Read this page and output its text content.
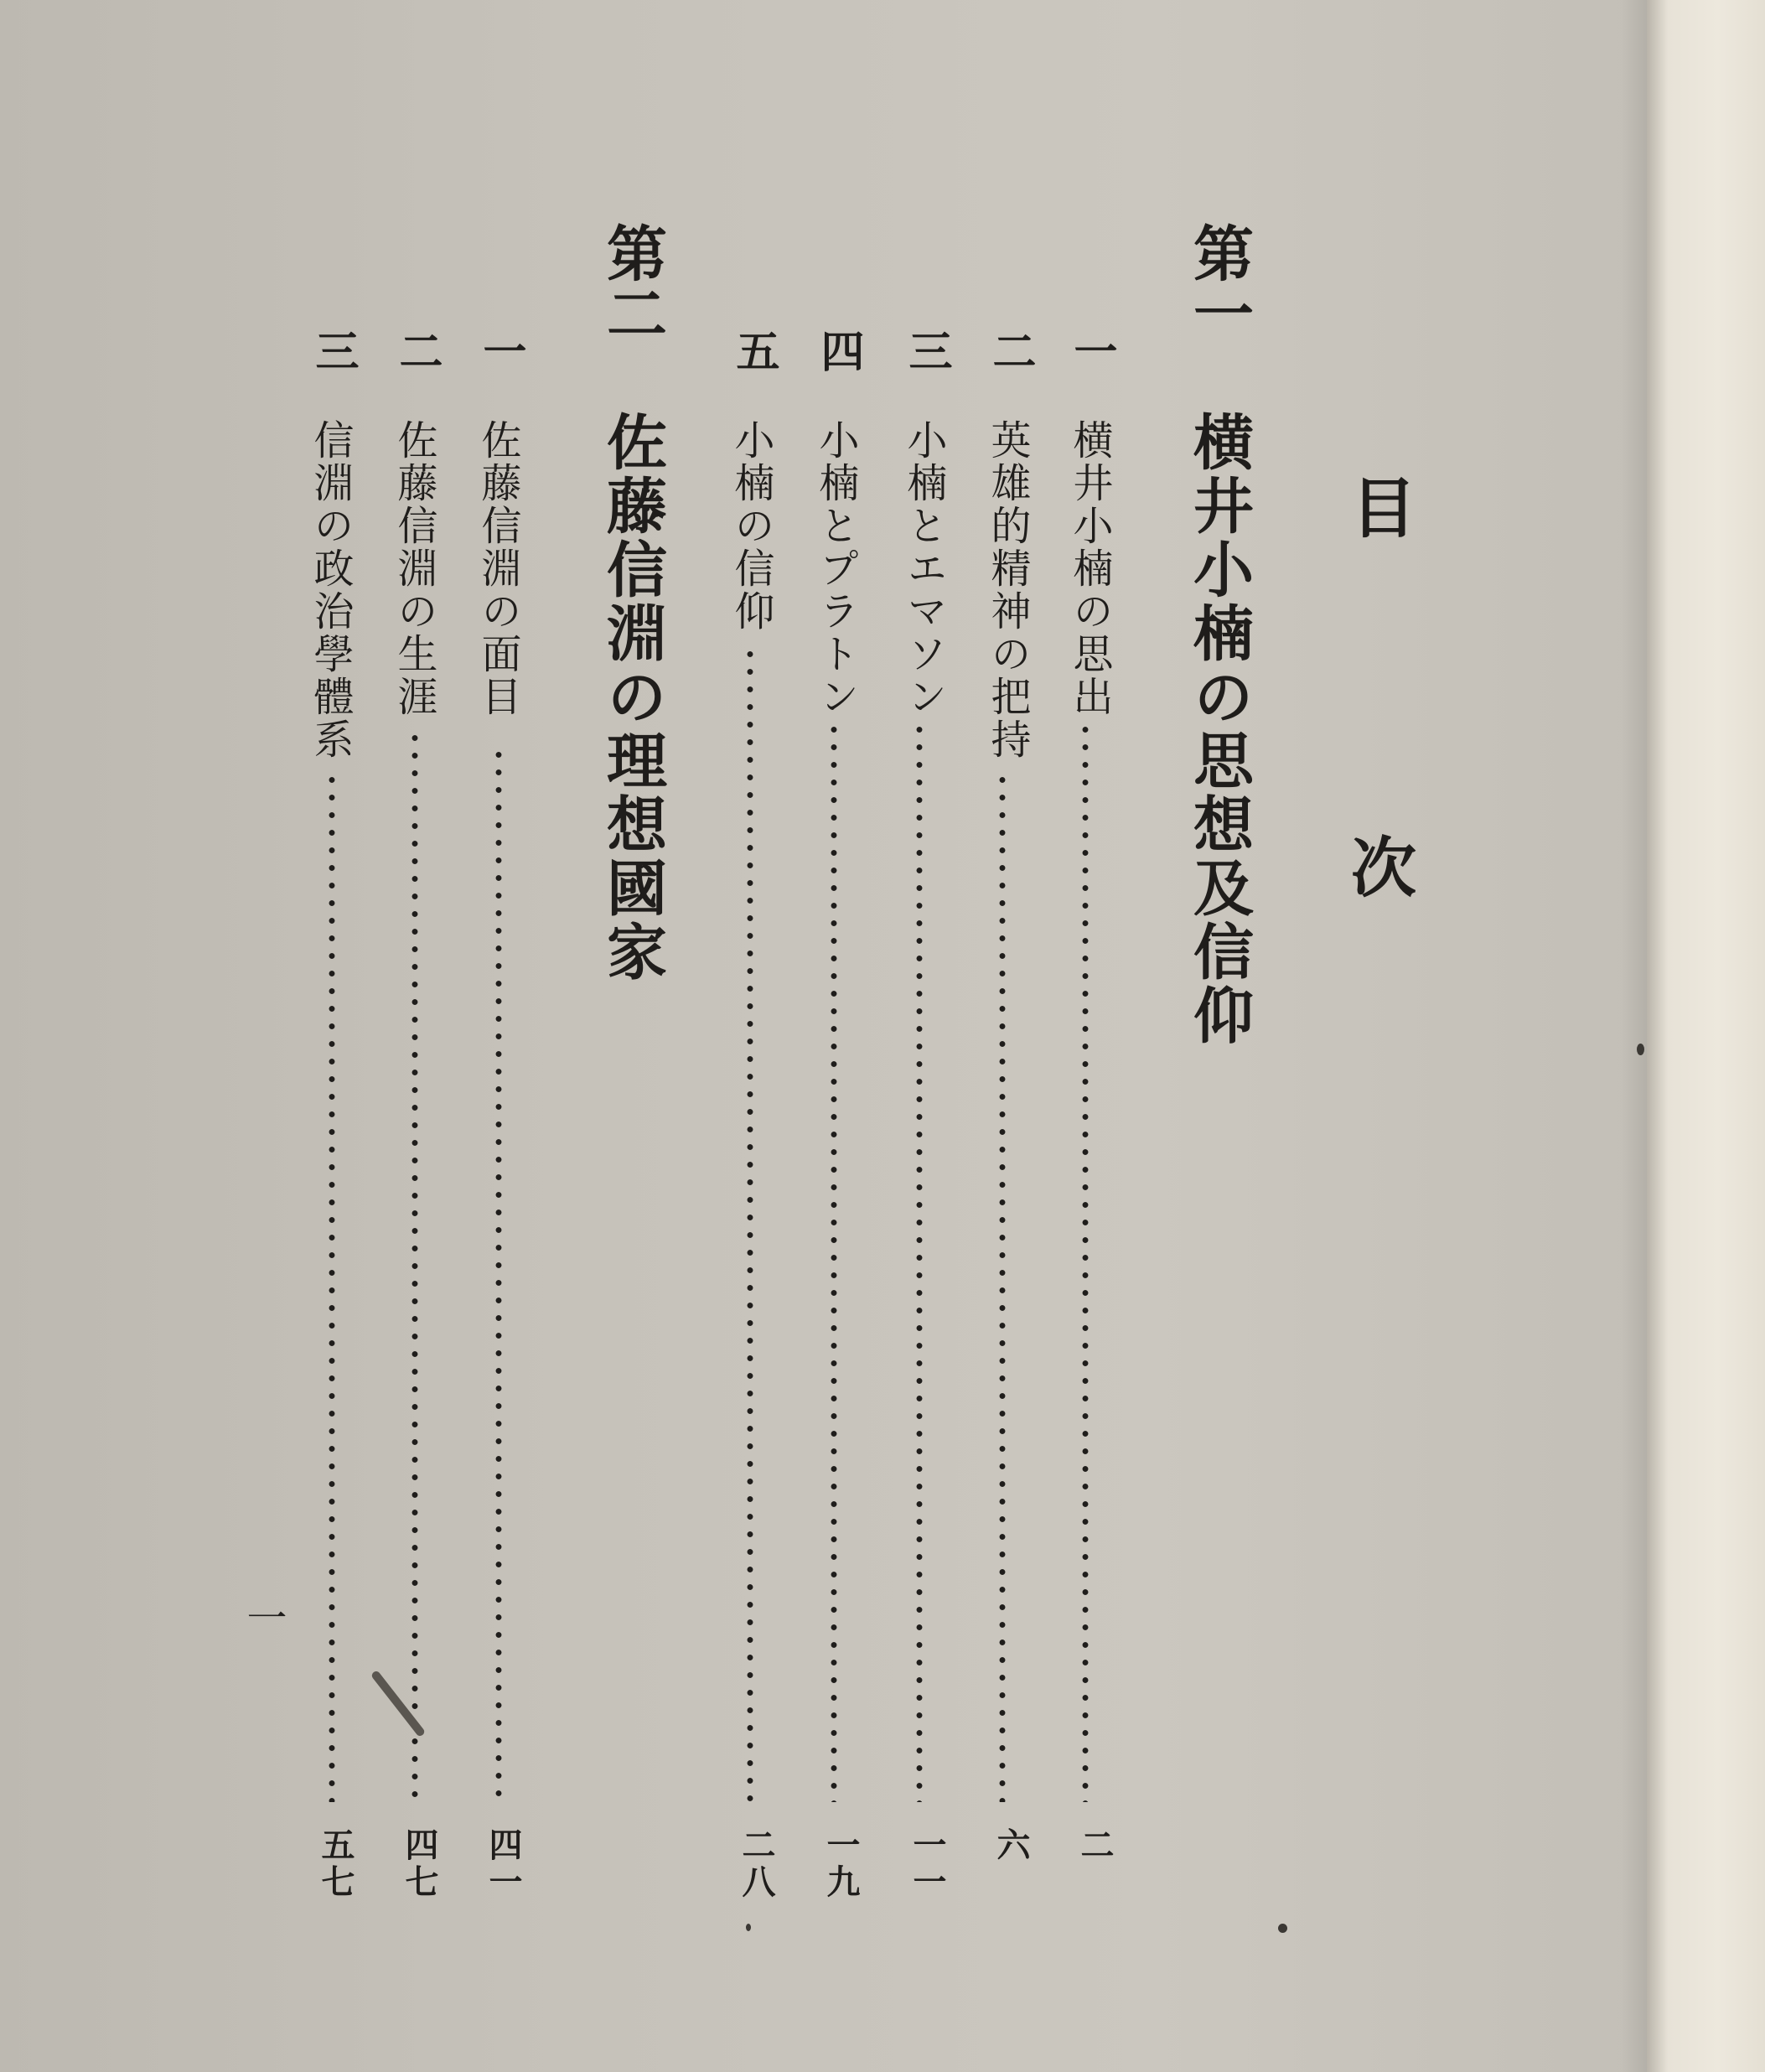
目 次
第一
横井小楠の思想及信仰
一
横井小楠の思出
二
二
英雄的精神の把持
六
三
小楠とエマソン
一一
四
小楠とプラトン
一九
五
小楠の信仰
二八
第二
佐藤信淵の理想國家
一
佐藤信淵の面目
四一
二
佐藤信淵の生涯
四七
三
信淵の政治學體系
五七
一
